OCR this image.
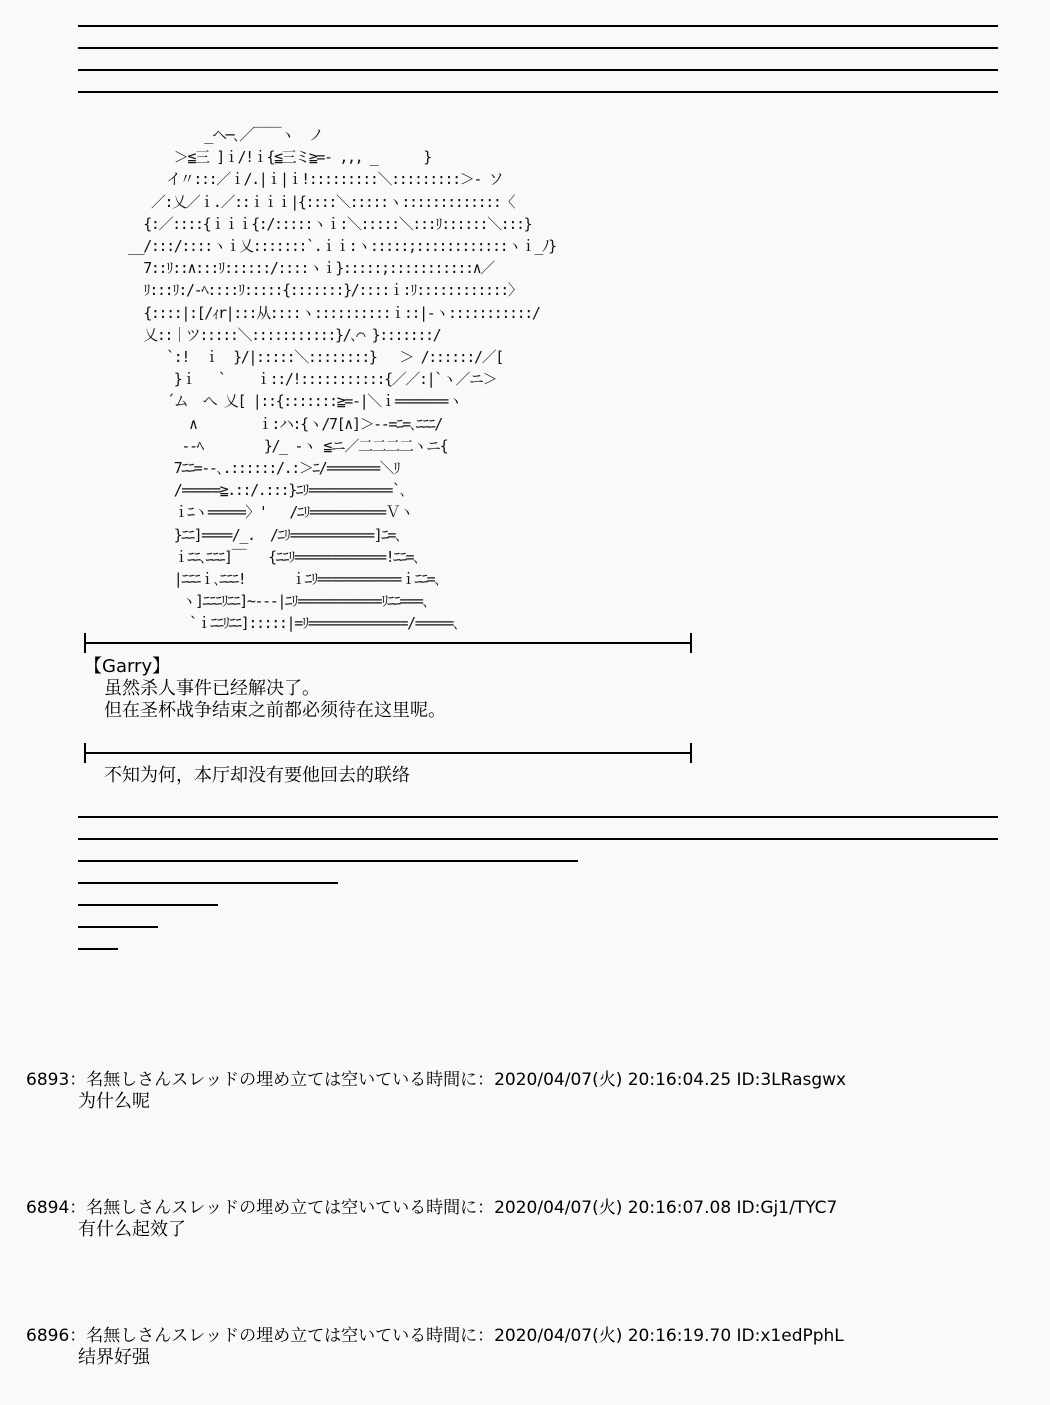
_ヘ─､／￣￣ヽ  ノ
＞≦三 ]ｉ/!ｉ{≦三ミ≧=- ,,, _      }
イ〃:::／ｉ/.|ｉ|ｉ!:::::::::＼:::::::::＞- ソ
／:乂／ｉ.／::ｉｉｉ|{::::＼:::::ヽ:::::::::::::〈
{:／::::{ｉｉｉ{:/:::::ヽｉ:＼:::::＼:::ﾘ::::::＼:::}
__/:::/::::ヽｉ乂:::::::`.ｉｉ:ヽ:::::;::::::::::::ヽｉ_ﾉ}
7::ﾘ::∧:::ﾘ::::::/::::ヽｉ}:::::;:::::::::::∧／
ﾘ:::ﾘ:/-ﾍ::::ﾘ:::::{:::::::}/::::ｉ:ﾘ::::::::::::〉
{::::|:[/ｨr|:::从::::ヽ::::::::::ｉ::|-ヽ:::::::::::/
乂::｜ツ:::::＼:::::::::::}/､⌒ }:::::::/
`:!  ｉ  }/|:::::＼::::::::}   ＞ /::::::/／[
}ｉ   `    ｉ::/!:::::::::::{／／:|`ヽ／ニ＞
´ム  へ 乂[ |::{:::::::≧=-|＼ｉ=======ヽ
∧        ｉ:ハ:{ヽ/7[∧]＞--=ﾆ=､ﾆﾆﾆ/
--ﾍ        }/_ -ヽ ≦ニ／二二二二ヽニ{
7ﾆﾆ=--､.::::::/.:＞ﾆ/=======＼ﾘ
/=====≧.::/.:::}ﾆﾘ===========`､
ｉﾆヽ=====〉'   /ﾆﾘ==========Ｖヽ
}ﾆﾆ]====/_.  /ﾆﾘ===========]ﾆ=､
ｉﾆﾆ､ﾆﾆﾆ]￣   {ﾆﾆﾘ============!ﾆﾆ=､
|ﾆﾆﾆｉ､ﾆﾆﾆ!      ｉﾆﾘ===========ｉﾆﾆ=､
ヽ]ﾆﾆﾆﾘﾆﾆ]~---|ﾆﾘ===========ﾘﾆﾆ===､
`ｉﾆﾆﾘﾆﾆ]:::::|=ﾘ=============/=====､
【Garry】
虽然杀人事件已经解决了。
但在圣杯战争结束之前都必须待在这里呢。
不知为何，本厅却没有要他回去的联络
6893：名無しさんスレッドの埋め立ては空いている時間に：2020/04/07(火) 20:16:04.25 ID:3LRasgwx
为什么呢
6894：名無しさんスレッドの埋め立ては空いている時間に：2020/04/07(火) 20:16:07.08 ID:Gj1/TYC7
有什么起效了
6896：名無しさんスレッドの埋め立ては空いている時間に：2020/04/07(火) 20:16:19.70 ID:x1edPphL
结界好强
